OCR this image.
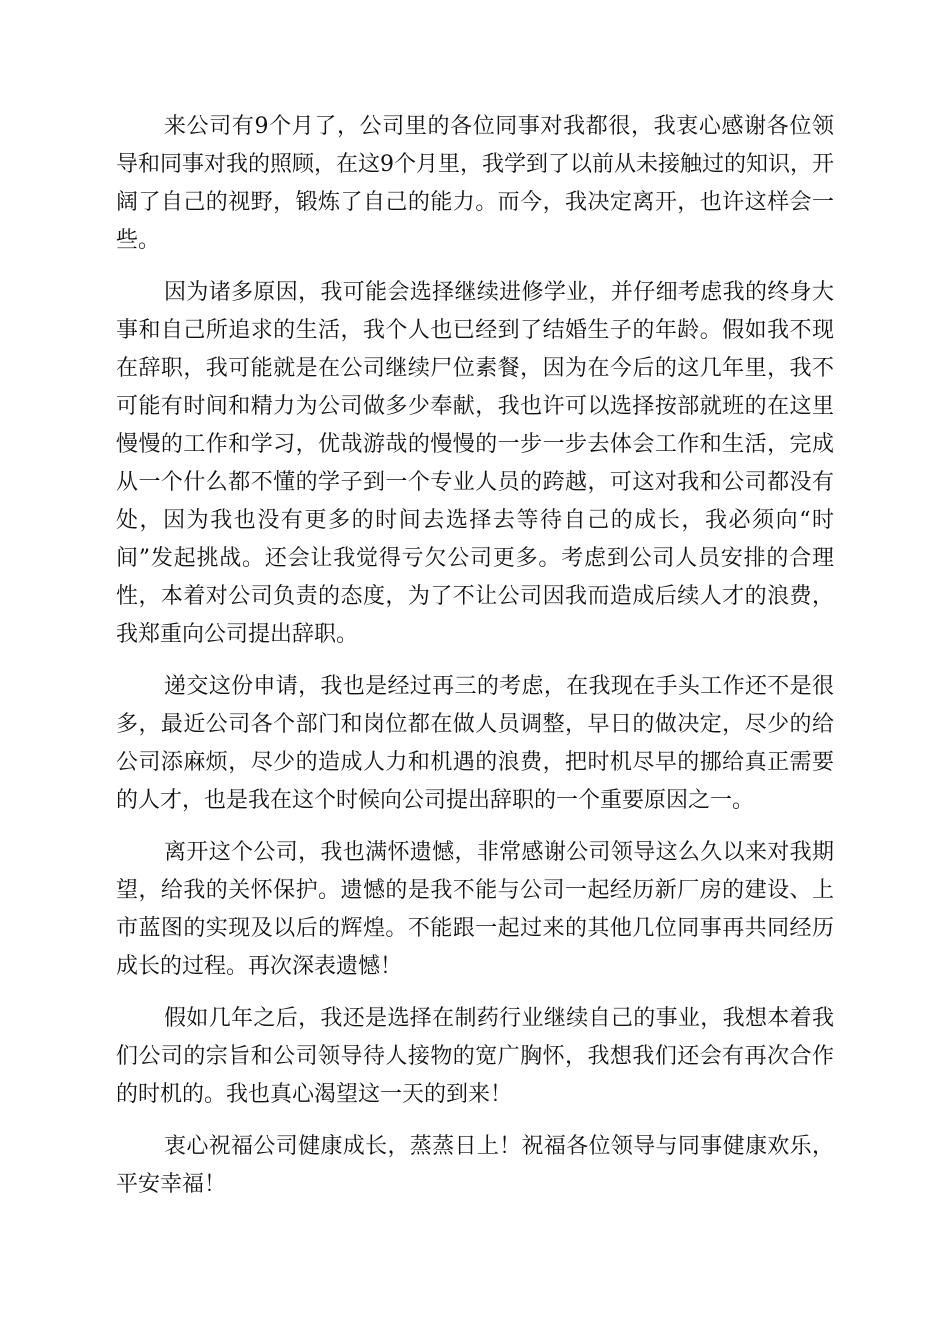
来公司有9个月了，公司里的各位同事对我都很，我衷心感谢各位领导和同事对我的照顾，在这9个月里，我学到了以前从未接触过的知识，开阔了自己的视野，锻炼了自己的能力。而今，我决定离开，也许这样会一些。

因为诸多原因，我可能会选择继续进修学业，并仔细考虑我的终身大事和自己所追求的生活，我个人也已经到了结婚生子的年龄。假如我不现在辞职，我可能就是在公司继续尸位素餐，因为在今后的这几年里，我不可能有时间和精力为公司做多少奉献，我也许可以选择按部就班的在这里慢慢的工作和学习，优哉游哉的慢慢的一步一步去体会工作和生活，完成从一个什么都不懂的学子到一个专业人员的跨越，可这对我和公司都没有处，因为我也没有更多的时间去选择去等待自己的成长，我必须向“时间”发起挑战。还会让我觉得亏欠公司更多。考虑到公司人员安排的合理性，本着对公司负责的态度，为了不让公司因我而造成后续人才的浪费，我郑重向公司提出辞职。

递交这份申请，我也是经过再三的考虑，在我现在手头工作还不是很多，最近公司各个部门和岗位都在做人员调整，早日的做决定，尽少的给公司添麻烦，尽少的造成人力和机遇的浪费，把时机尽早的挪给真正需要的人才，也是我在这个时候向公司提出辞职的一个重要原因之一。

离开这个公司，我也满怀遗憾，非常感谢公司领导这么久以来对我期望，给我的关怀保护。遗憾的是我不能与公司一起经历新厂房的建设、上市蓝图的实现及以后的辉煌。不能跟一起过来的其他几位同事再共同经历成长的过程。再次深表遗憾！

假如几年之后，我还是选择在制药行业继续自己的事业，我想本着我们公司的宗旨和公司领导待人接物的宽广胸怀，我想我们还会有再次合作的时机的。我也真心渴望这一天的到来！

衷心祝福公司健康成长，蒸蒸日上！祝福各位领导与同事健康欢乐，平安幸福！
